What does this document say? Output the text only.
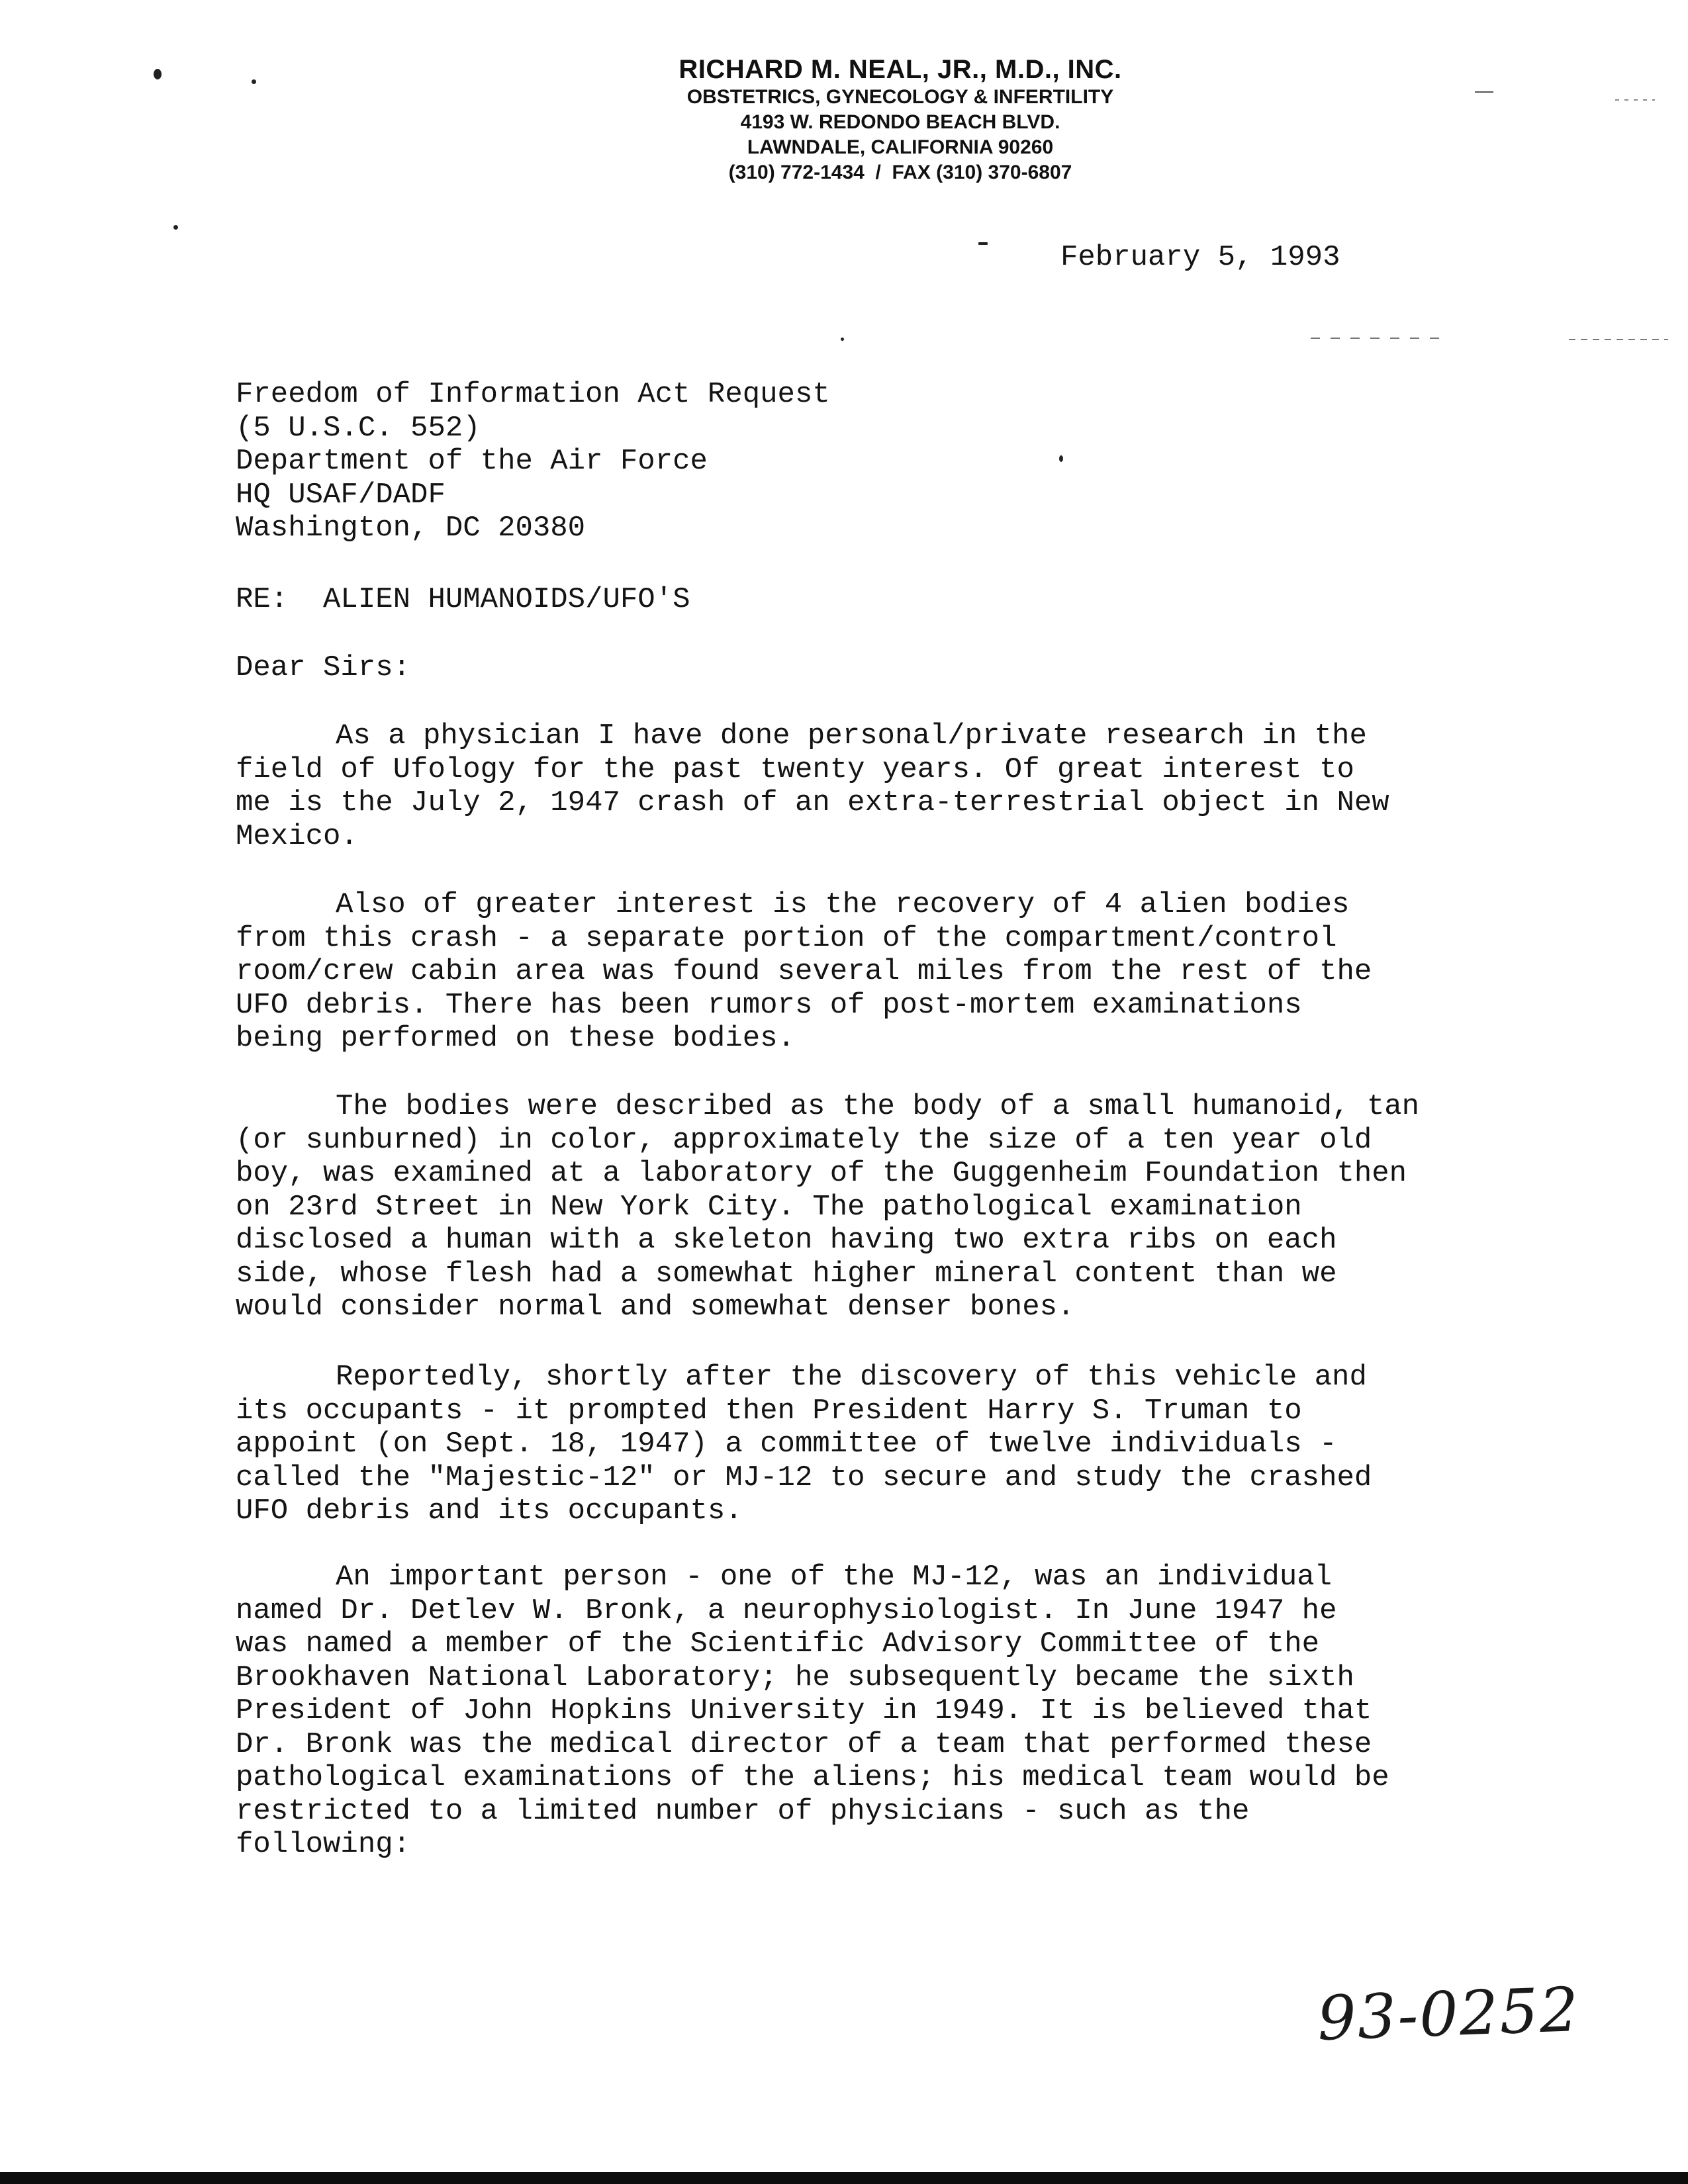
RICHARD M. NEAL, JR., M.D., INC.
OBSTETRICS, GYNECOLOGY & INFERTILITY
4193 W. REDONDO BEACH BLVD.
LAWNDALE, CALIFORNIA 90260
(310) 772-1434  /  FAX (310) 370-6807
February 5, 1993
Freedom of Information Act Request
(5 U.S.C. 552)
Department of the Air Force
HQ USAF/DADF
Washington, DC 20380
RE:  ALIEN HUMANOIDS/UFO'S
Dear Sirs:
As a physician I have done personal/private research in the
field of Ufology for the past twenty years. Of great interest to
me is the July 2, 1947 crash of an extra-terrestrial object in New
Mexico.
Also of greater interest is the recovery of 4 alien bodies
from this crash - a separate portion of the compartment/control
room/crew cabin area was found several miles from the rest of the
UFO debris. There has been rumors of post-mortem examinations
being performed on these bodies.
The bodies were described as the body of a small humanoid, tan
(or sunburned) in color, approximately the size of a ten year old
boy, was examined at a laboratory of the Guggenheim Foundation then
on 23rd Street in New York City. The pathological examination
disclosed a human with a skeleton having two extra ribs on each
side, whose flesh had a somewhat higher mineral content than we
would consider normal and somewhat denser bones.
Reportedly, shortly after the discovery of this vehicle and
its occupants - it prompted then President Harry S. Truman to
appoint (on Sept. 18, 1947) a committee of twelve individuals -
called the "Majestic-12" or MJ-12 to secure and study the crashed
UFO debris and its occupants.
An important person - one of the MJ-12, was an individual
named Dr. Detlev W. Bronk, a neurophysiologist. In June 1947 he
was named a member of the Scientific Advisory Committee of the
Brookhaven National Laboratory; he subsequently became the sixth
President of John Hopkins University in 1949. It is believed that
Dr. Bronk was the medical director of a team that performed these
pathological examinations of the aliens; his medical team would be
restricted to a limited number of physicians - such as the
following:
93-0252
